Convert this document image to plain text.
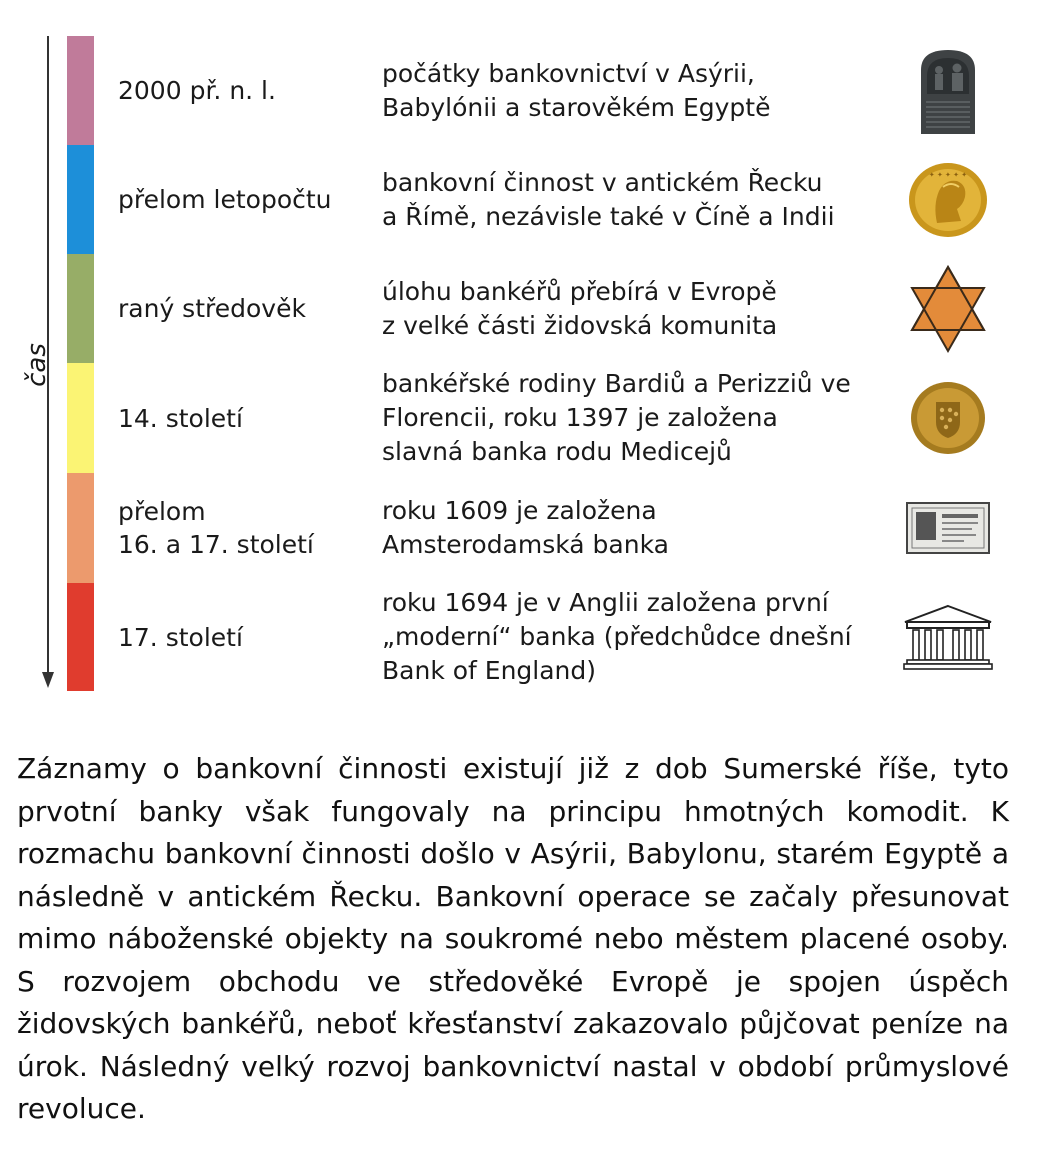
čas
2000 př. n. l.
počátky bankovnictví v Asýrii,
Babylónii a starověkém Egyptě
přelom letopočtu
bankovní činnost v antickém Řecku
a Římě, nezávisle také v Číně a Indii
✦ ✦ ✦ ✦ ✦
raný středověk
úlohu bankéřů přebírá v Evropě
z velké části židovská komunita
14. století
bankéřské rodiny Bardiů a Perizziů ve
Florencii, roku 1397 je založena
slavná banka rodu Medicejů
přelom
16. a 17. století
roku 1609 je založena
Amsterodamská banka
17. století
roku 1694 je v Anglii založena první
„moderní“ banka (předchůdce dnešní
Bank of England)
Záznamy o bankovní činnosti existují již z dob Sumerské říše, tyto prvotní banky však fungovaly na principu hmotných komodit. K rozmachu bankovní činnosti došlo v Asýrii, Babylonu, starém Egyptě a následně v antickém Řecku. Bankovní operace se začaly přesunovat mimo náboženské objekty na soukromé nebo městem placené osoby. S rozvojem obchodu ve středověké Evropě je spojen úspěch židovských bankéřů, neboť křesťanství zakazovalo půjčovat peníze na úrok. Následný velký rozvoj bankovnictví nastal v období průmyslové revoluce.
